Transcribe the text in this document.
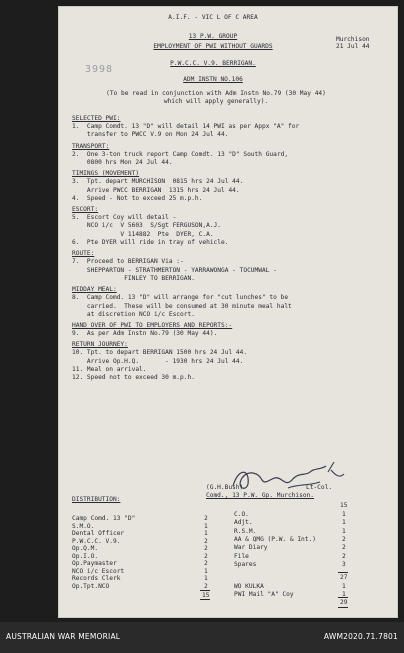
3998
A.I.F. - VIC L OF C AREA
13 P.W. GROUP
EMPLOYMENT OF PWI WITHOUT GUARDS
Murchison
21 Jul 44
P.W.C.C. V.9. BERRIGAN.
ADM INSTN NO.106
(To be read in conjunction with Adm Instn No.79 (30 May 44)
which will apply generally).
SELECTED PWI:
1.  Camp Comdt. 13 "D" will detail 14 PWI as per Appx "A" for
transfer to PWCC V.9 on Mon 24 Jul 44.
TRANSPORT:
2.  One 3-ton truck report Camp Comdt. 13 "D" South Guard,
0800 hrs Mon 24 Jul 44.
TIMINGS (MOVEMENT)
3.  Tpt. depart MURCHISON  0815 hrs 24 Jul 44.
Arrive PWCC BERRIGAN  1315 hrs 24 Jul 44.
4.  Speed - Not to exceed 25 m.p.h.
ESCORT:
5.  Escort Coy will detail -
NCO i/c  V 5603  S/Sgt FERGUSON,A.J.
V 114882  Pte  DYER, C.A.
6.  Pte DYER will ride in tray of vehicle.
ROUTE:
7.  Proceed to BERRIGAN Via :-
SHEPPARTON - STRATHMERTON - YARRAWONGA - TOCUMWAL -
FINLEY TO BERRIGAN.
MIDDAY MEAL:
8.  Camp Comd. 13 "D" will arrange for "cut lunches" to be
carried.  These will be consumed at 30 minute meal halt
at discretion NCO i/c Escort.
HAND OVER OF PWI TO EMPLOYERS AND REPORTS:-
9.  As per Adm Instn No.79 (30 May 44).
RETURN JOURNEY:
10. Tpt. to depart BERRIGAN 1500 hrs 24 Jul 44.
Arrive Op.H.Q.       - 1930 hrs 24 Jul 44.
11. Meal on arrival.
12. Speed not to exceed 30 m.p.h.
(G.H.Bush)	Lt-Col.
Comd., 13 P.W. Gp. Murchison.
DISTRIBUTION:
Camp Comd. 13 "D"	2
S.M.O.	1
Dental Officer	1
P.W.C.C. V.9.	2
Op.Q.M.	2
Op.I.O.	2
Op.Paymaster	2
NCO i/c Escort	1
Records Clerk	1
Op.Tpt.NCO	2
C.O.	1
Adjt.	1
R.S.M.	1
AA & QMG (P.W. & Int.)	2
War Diary	2
File	2
Spares	3
WO KULKA	1
PWI Mail "A" Coy	1
15
15
27
29
AUSTRALIAN WAR MEMORIAL	AWM2020.71.7801
